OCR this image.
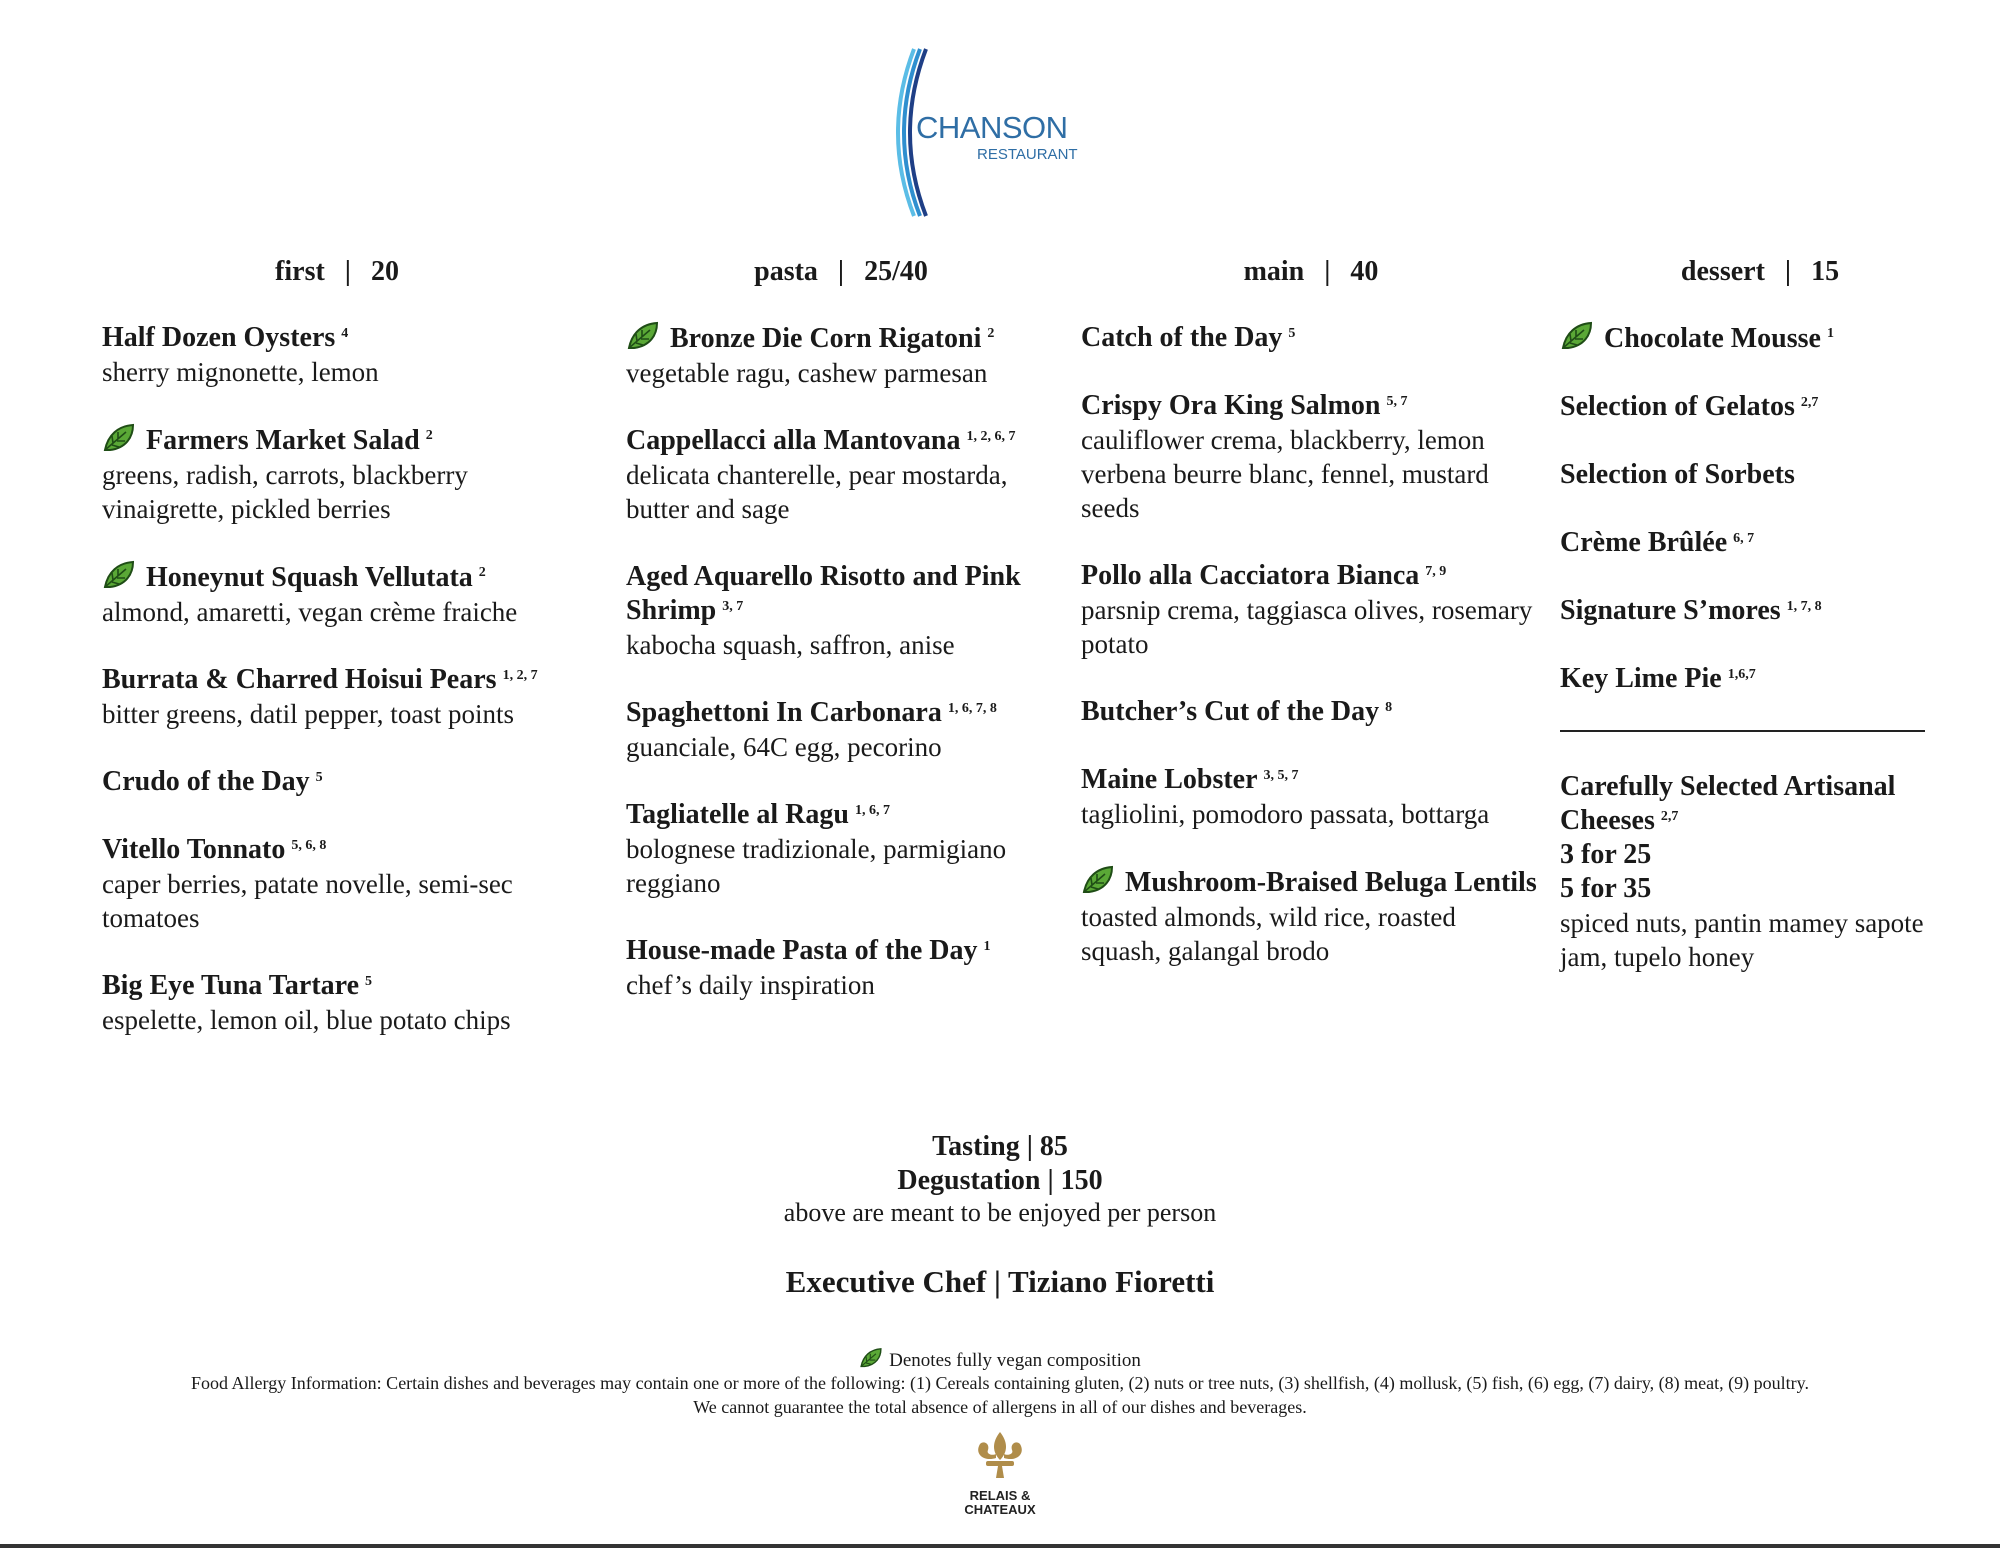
CHANSON
RESTAURANT
first | 20
Half Dozen Oysters $^4$
sherry mignonette, lemon
Farmers Market Salad $^2$
greens, radish, carrots, blackberry vinaigrette, pickled berries
Honeynut Squash Vellutata $^2$
almond, amaretti, vegan crème fraiche
Burrata & Charred Hoisui Pears $^{1, 2, 7}$
bitter greens, datil pepper, toast points
Crudo of the Day $^5$
Vitello Tonnato $^{5, 6, 8}$
caper berries, patate novelle, semi-sec tomatoes
Big Eye Tuna Tartare $^5$
espelette, lemon oil, blue potato chips
pasta | 25/40
Bronze Die Corn Rigatoni $^2$
vegetable ragu, cashew parmesan
Cappellacci alla Mantovana $^{1, 2, 6, 7}$
delicata chanterelle, pear mostarda, butter and sage
Aged Aquarello Risotto and Pink Shrimp $^{3, 7}$
kabocha squash, saffron, anise
Spaghettoni In Carbonara $^{1, 6, 7, 8}$
guanciale, 64C egg, pecorino
Tagliatelle al Ragu $^{1, 6, 7}$
bolognese tradizionale, parmigiano reggiano
House-made Pasta of the Day $^1$
chef’s daily inspiration
main | 40
Catch of the Day $^5$
Crispy Ora King Salmon $^{5, 7}$
cauliflower crema, blackberry, lemon verbena beurre blanc, fennel, mustard seeds
Pollo alla Cacciatora Bianca $^{7, 9}$
parsnip crema, taggiasca olives, rosemary potato
Butcher’s Cut of the Day $^8$
Maine Lobster $^{3, 5, 7}$
tagliolini, pomodoro passata, bottarga
Mushroom-Braised Beluga Lentils
toasted almonds, wild rice, roasted squash, galangal brodo
dessert | 15
Chocolate Mousse $^1$
Selection of Gelatos $^{2,7}$
Selection of Sorbets
Crème Brûlée $^{6, 7}$
Signature S’mores $^{1, 7, 8}$
Key Lime Pie $^{1,6,7}$
Carefully Selected Artisanal Cheeses $^{2,7}$
3 for 25
5 for 35
spiced nuts, pantin mamey sapote jam, tupelo honey
Tasting | 85
Degustation | 150
above are meant to be enjoyed per person
Executive Chef | Tiziano Fioretti
Denotes fully vegan composition
Food Allergy Information: Certain dishes and beverages may contain one or more of the following: (1) Cereals containing gluten, (2) nuts or tree nuts, (3) shellfish, (4) mollusk, (5) fish, (6) egg, (7) dairy, (8) meat, (9) poultry. We cannot guarantee the total absence of allergens in all of our dishes and beverages.
RELAIS &
CHATEAUX
